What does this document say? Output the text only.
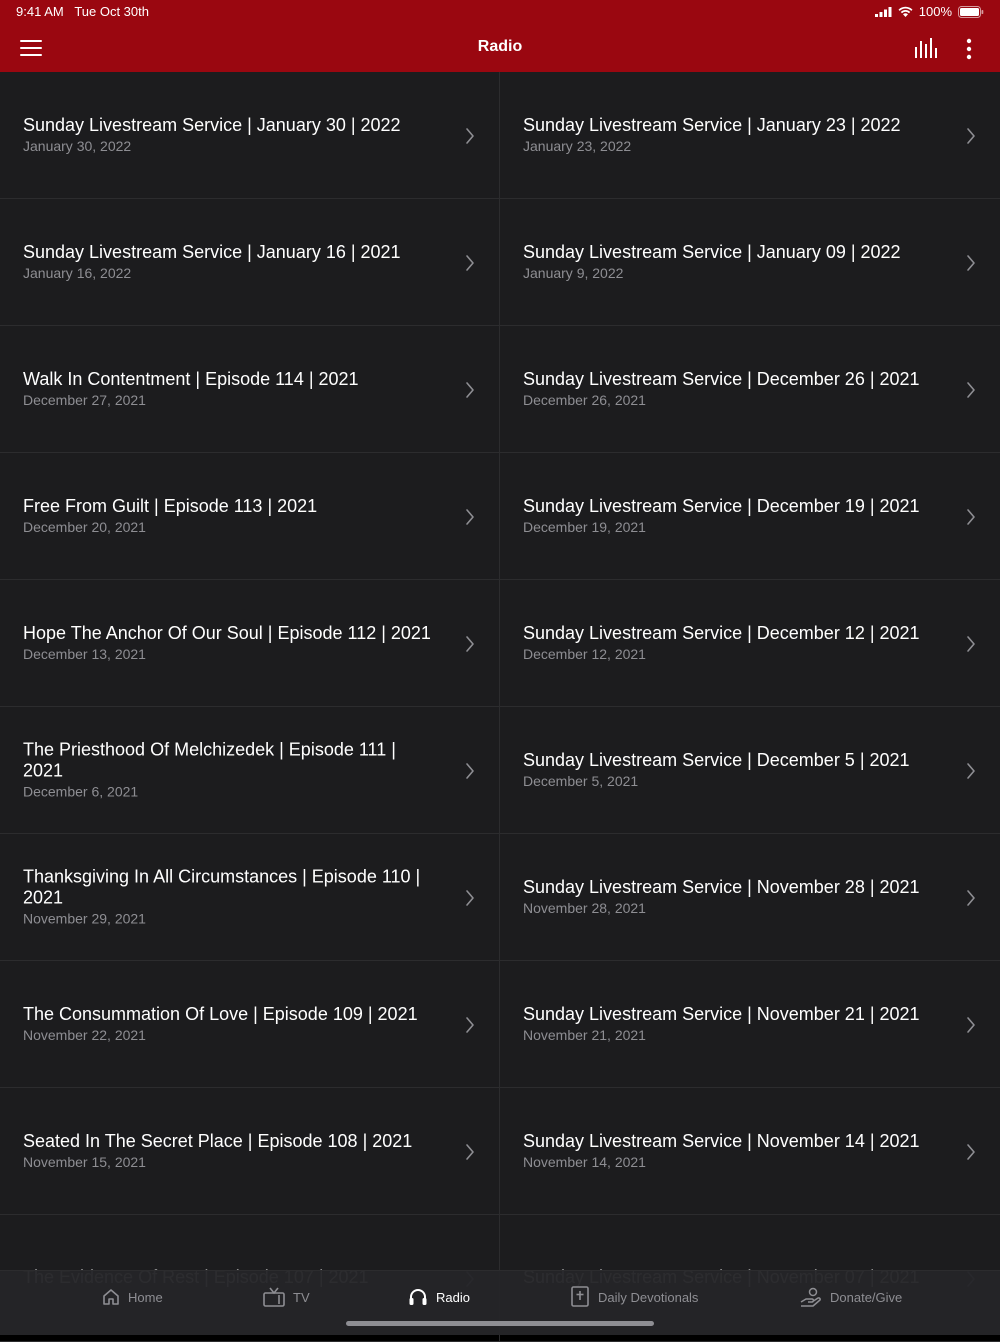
9:41 AM Tue Oct 30th	100%
Radio
Sunday Livestream Service | January 30 | 2022
January 30, 2022
Sunday Livestream Service | January 23 | 2022
January 23, 2022
Sunday Livestream Service | January 16 | 2021
January 16, 2022
Sunday Livestream Service | January 09 | 2022
January 9, 2022
Walk In Contentment | Episode 114 | 2021
December 27, 2021
Sunday Livestream Service | December 26 | 2021
December 26, 2021
Free From Guilt | Episode 113 | 2021
December 20, 2021
Sunday Livestream Service | December 19 | 2021
December 19, 2021
Hope The Anchor Of Our Soul | Episode 112 | 2021
December 13, 2021
Sunday Livestream Service | December 12 | 2021
December 12, 2021
The Priesthood Of Melchizedek | Episode 111 | 2021
December 6, 2021
Sunday Livestream Service | December 5 | 2021
December 5, 2021
Thanksgiving In All Circumstances | Episode 110 | 2021
November 29, 2021
Sunday Livestream Service | November 28 | 2021
November 28, 2021
The Consummation Of Love | Episode 109 | 2021
November 22, 2021
Sunday Livestream Service | November 21 | 2021
November 21, 2021
Seated In The Secret Place | Episode 108 | 2021
November 15, 2021
Sunday Livestream Service | November 14 | 2021
November 14, 2021
Home	TV	Radio	Daily Devotionals	Donate/Give
